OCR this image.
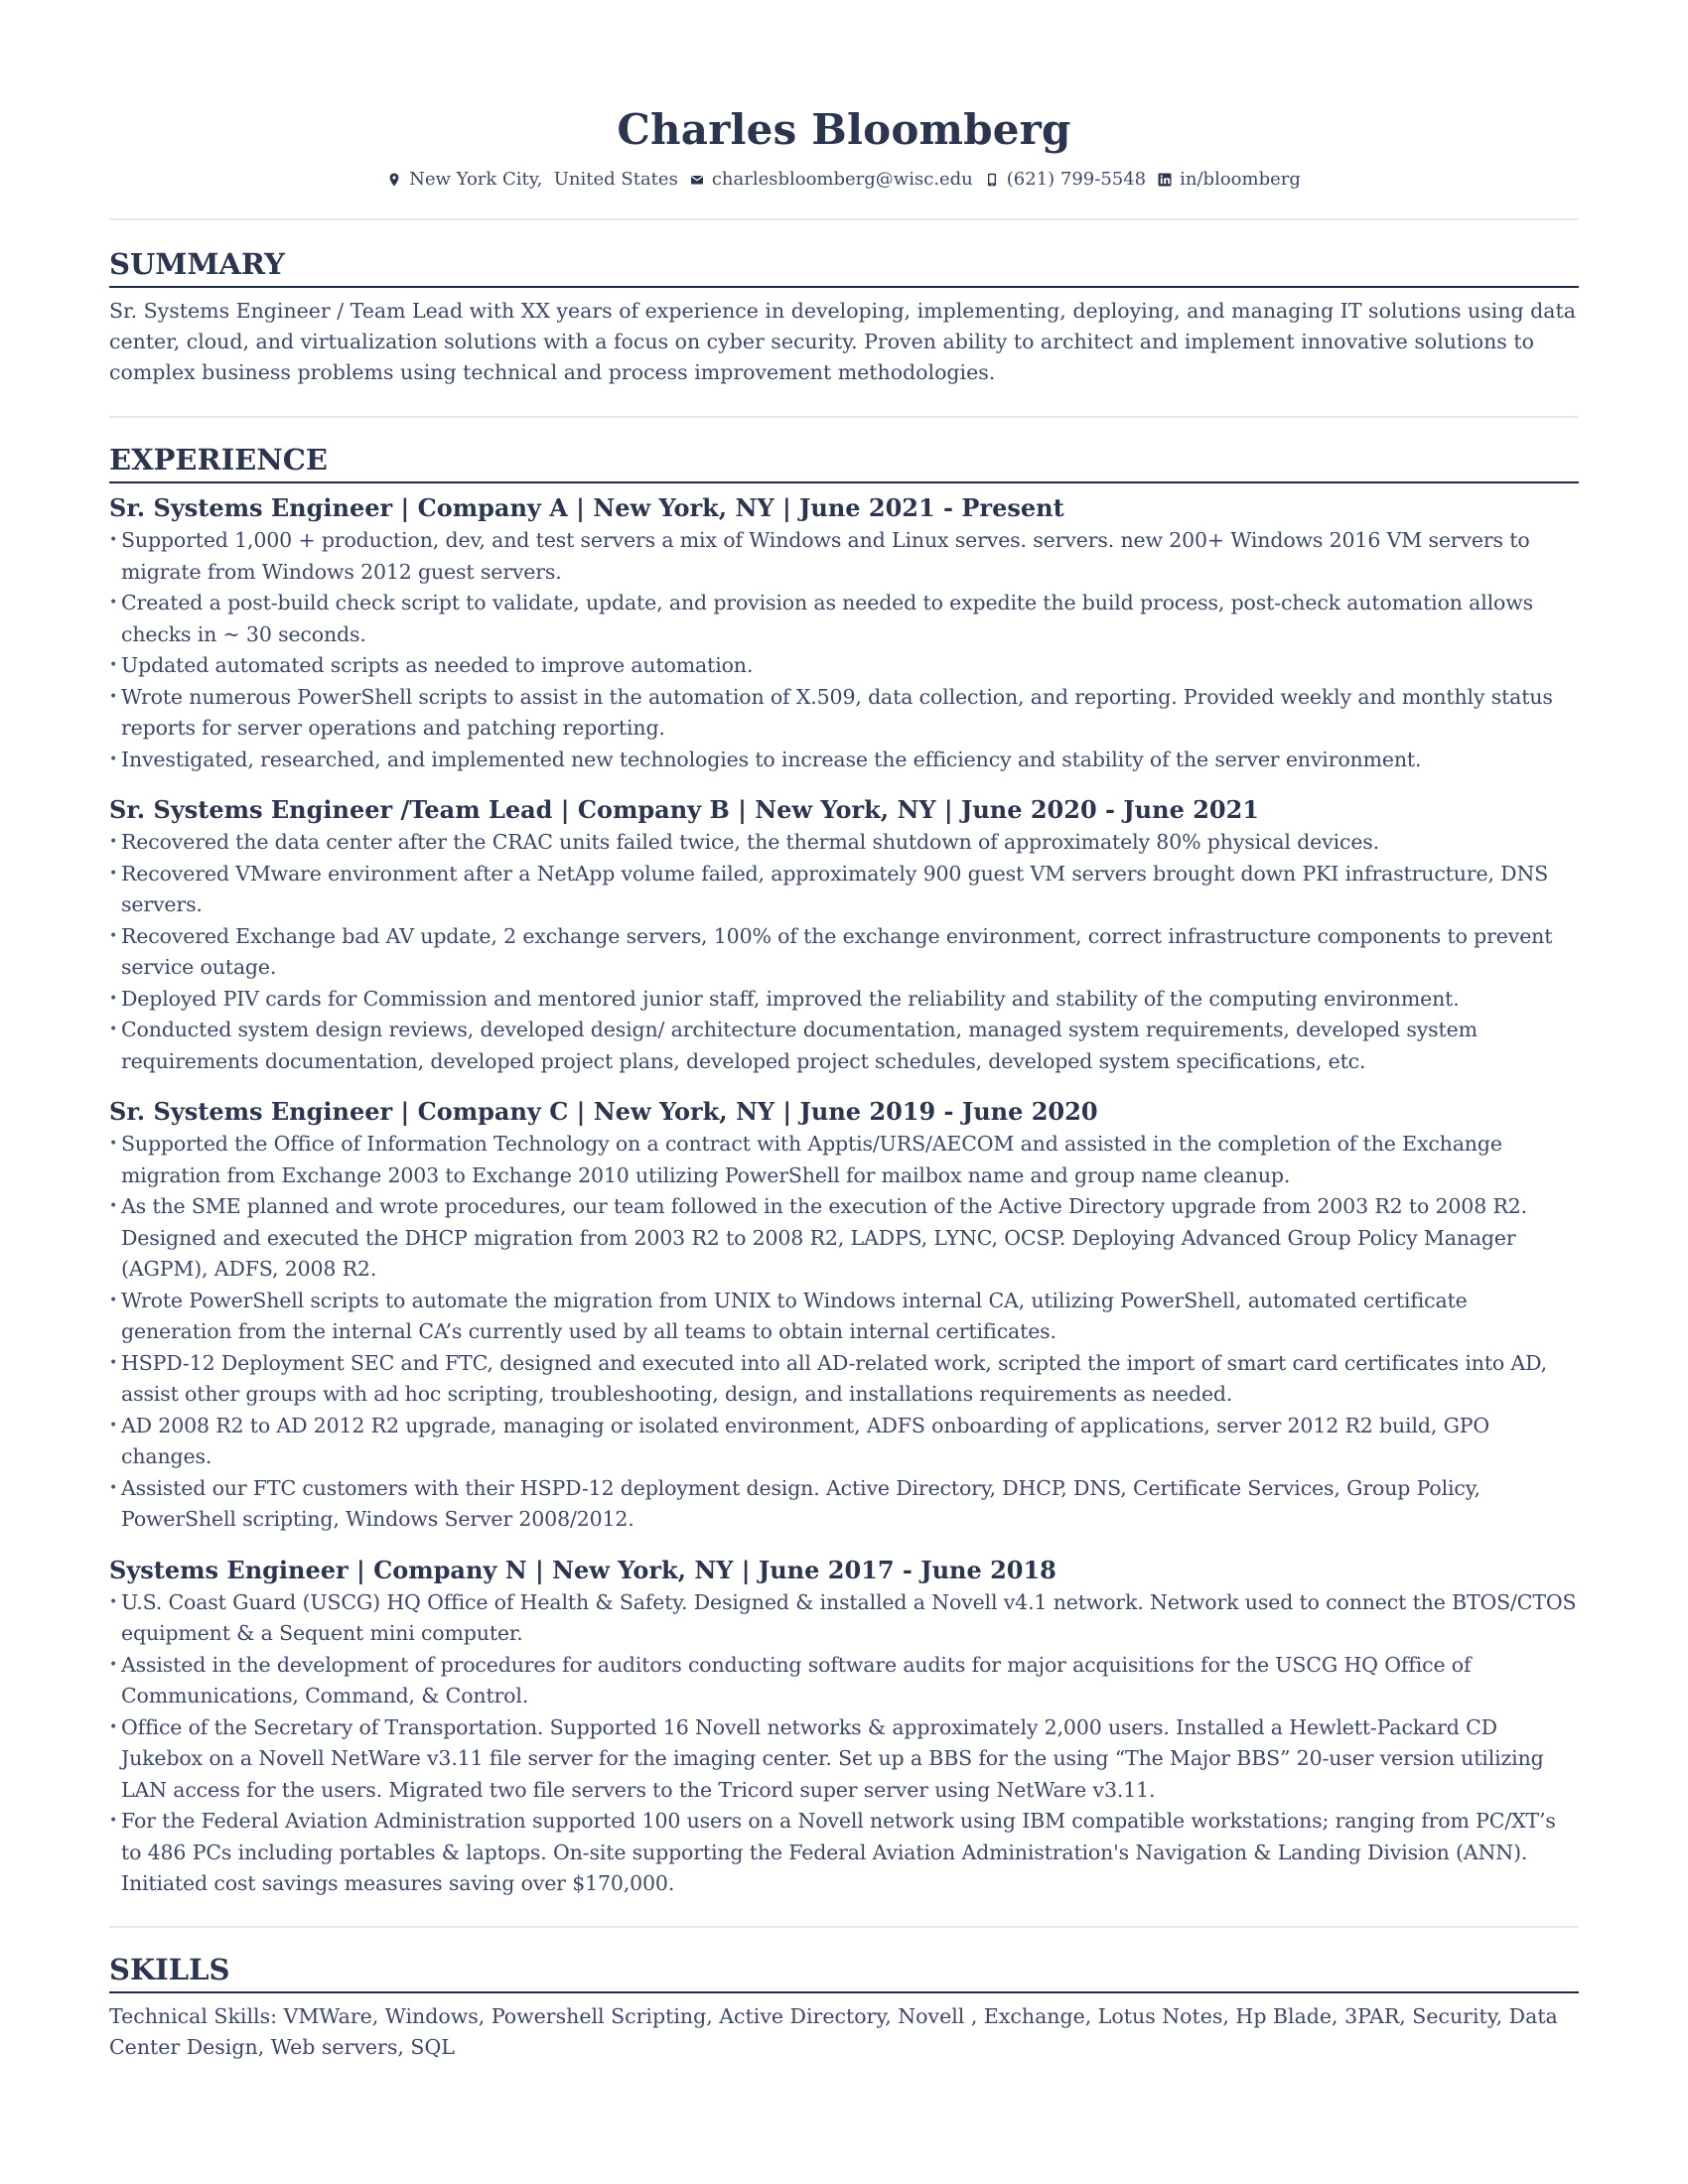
Charles Bloomberg
New York City,  United States charlesbloomberg@wisc.edu (621) 799-5548 in/bloomberg
SUMMARY

Sr. Systems Engineer / Team Lead with XX years of experience in developing, implementing, deploying, and managing IT solutions using data center, cloud, and virtualization solutions with a focus on cyber security. Proven ability to architect and implement innovative solutions to complex business problems using technical and process improvement methodologies.

EXPERIENCE
Sr. Systems Engineer | Company A | New York, NY | June 2021 - Present
• Supported 1,000 + production, dev, and test servers a mix of Windows and Linux serves. servers. new 200+ Windows 2016 VM servers to migrate from Windows 2012 guest servers.
• Created a post-build check script to validate, update, and provision as needed to expedite the build process, post-check automation allows checks in ~ 30 seconds.
• Updated automated scripts as needed to improve automation.
• Wrote numerous PowerShell scripts to assist in the automation of X.509, data collection, and reporting. Provided weekly and monthly status reports for server operations and patching reporting.
• Investigated, researched, and implemented new technologies to increase the efficiency and stability of the server environment.
Sr. Systems Engineer /Team Lead | Company B | New York, NY | June 2020 - June 2021
• Recovered the data center after the CRAC units failed twice, the thermal shutdown of approximately 80% physical devices.
• Recovered VMware environment after a NetApp volume failed, approximately 900 guest VM servers brought down PKI infrastructure, DNS servers.
• Recovered Exchange bad AV update, 2 exchange servers, 100% of the exchange environment, correct infrastructure components to prevent service outage.
• Deployed PIV cards for Commission and mentored junior staff, improved the reliability and stability of the computing environment.
• Conducted system design reviews, developed design/ architecture documentation, managed system requirements, developed system requirements documentation, developed project plans, developed project schedules, developed system specifications, etc.
Sr. Systems Engineer | Company C | New York, NY | June 2019 - June 2020
• Supported the Office of Information Technology on a contract with Apptis/URS/AECOM and assisted in the completion of the Exchange migration from Exchange 2003 to Exchange 2010 utilizing PowerShell for mailbox name and group name cleanup.
• As the SME planned and wrote procedures, our team followed in the execution of the Active Directory upgrade from 2003 R2 to 2008 R2. Designed and executed the DHCP migration from 2003 R2 to 2008 R2, LADPS, LYNC, OCSP. Deploying Advanced Group Policy Manager (AGPM), ADFS, 2008 R2.
• Wrote PowerShell scripts to automate the migration from UNIX to Windows internal CA, utilizing PowerShell, automated certificate generation from the internal CA’s currently used by all teams to obtain internal certificates.
• HSPD-12 Deployment SEC and FTC, designed and executed into all AD-related work, scripted the import of smart card certificates into AD, assist other groups with ad hoc scripting, troubleshooting, design, and installations requirements as needed.
• AD 2008 R2 to AD 2012 R2 upgrade, managing or isolated environment, ADFS onboarding of applications, server 2012 R2 build, GPO changes.
• Assisted our FTC customers with their HSPD-12 deployment design. Active Directory, DHCP, DNS, Certificate Services, Group Policy, PowerShell scripting, Windows Server 2008/2012.
Systems Engineer | Company N | New York, NY | June 2017 - June 2018
• U.S. Coast Guard (USCG) HQ Office of Health & Safety. Designed & installed a Novell v4.1 network. Network used to connect the BTOS/CTOS equipment & a Sequent mini computer.
• Assisted in the development of procedures for auditors conducting software audits for major acquisitions for the USCG HQ Office of Communications, Command, & Control.
• Office of the Secretary of Transportation. Supported 16 Novell networks & approximately 2,000 users. Installed a Hewlett-Packard CD Jukebox on a Novell NetWare v3.11 file server for the imaging center. Set up a BBS for the using “The Major BBS” 20-user version utilizing LAN access for the users. Migrated two file servers to the Tricord super server using NetWare v3.11.
• For the Federal Aviation Administration supported 100 users on a Novell network using IBM compatible workstations; ranging from PC/XT’s to 486 PCs including portables & laptops. On-site supporting the Federal Aviation Administration's Navigation & Landing Division (ANN). Initiated cost savings measures saving over $170,000.
SKILLS

Technical Skills: VMWare, Windows, Powershell Scripting, Active Directory, Novell , Exchange, Lotus Notes, Hp Blade, 3PAR, Security, Data Center Design, Web servers, SQL
